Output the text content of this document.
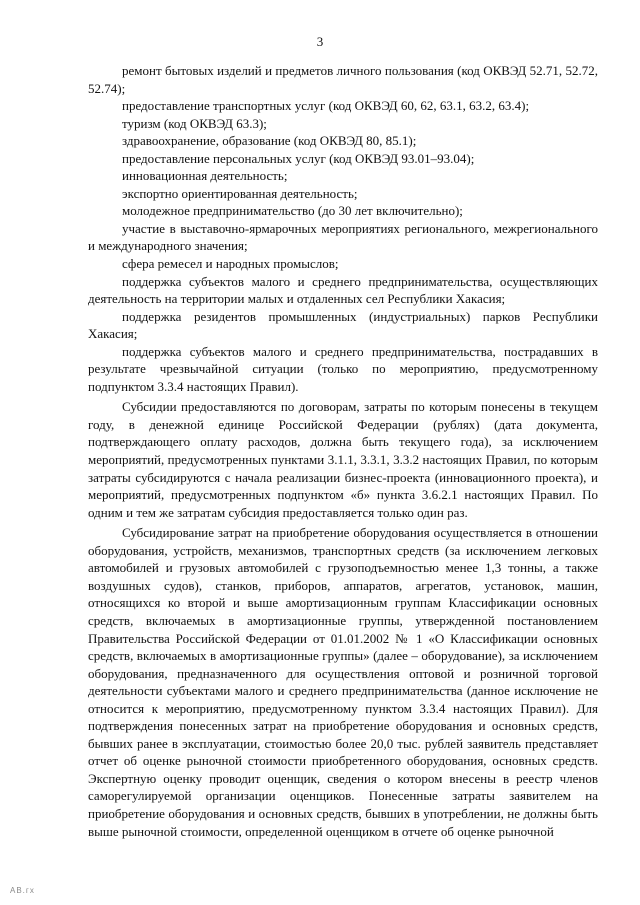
3

ремонт бытовых изделий и предметов личного пользования (код ОКВЭД 52.71, 52.72, 52.74);

предоставление транспортных услуг (код ОКВЭД 60, 62, 63.1, 63.2, 63.4);

туризм (код ОКВЭД 63.3);

здравоохранение, образование (код ОКВЭД 80, 85.1);

предоставление персональных услуг (код ОКВЭД 93.01–93.04);

инновационная деятельность;

экспортно ориентированная деятельность;

молодежное предпринимательство (до 30 лет включительно);

участие в выставочно-ярмарочных мероприятиях регионального, межрегионального и международного значения;

сфера ремесел и народных промыслов;

поддержка субъектов малого и среднего предпринимательства, осуществляющих деятельность на территории малых и отдаленных сел Республики Хакасия;

поддержка резидентов промышленных (индустриальных) парков Республики Хакасия;

поддержка субъектов малого и среднего предпринимательства, пострадавших в результате чрезвычайной ситуации (только по мероприятию, предусмотренному подпунктом 3.3.4 настоящих Правил).

Субсидии предоставляются по договорам, затраты по которым понесены в текущем году, в денежной единице Российской Федерации (рублях) (дата документа, подтверждающего оплату расходов, должна быть текущего года), за исключением мероприятий, предусмотренных пунктами 3.1.1, 3.3.1, 3.3.2 настоящих Правил, по которым затраты субсидируются с начала реализации бизнес-проекта (инновационного проекта), и мероприятий, предусмотренных подпунктом «б» пункта 3.6.2.1 настоящих Правил. По одним и тем же затратам субсидия предоставляется только один раз.

Субсидирование затрат на приобретение оборудования осуществляется в отношении оборудования, устройств, механизмов, транспортных средств (за исключением легковых автомобилей и грузовых автомобилей с грузоподъемностью менее 1,3 тонны, а также воздушных судов), станков, приборов, аппаратов, агрегатов, установок, машин, относящихся ко второй и выше амортизационным группам Классификации основных средств, включаемых в амортизационные группы, утвержденной постановлением Правительства Российской Федерации от 01.01.2002 № 1 «О Классификации основных средств, включаемых в амортизационные группы» (далее – оборудование), за исключением оборудования, предназначенного для осуществления оптовой и розничной торговой деятельности субъектами малого и среднего предпринимательства (данное исключение не относится к мероприятию, предусмотренному пунктом 3.3.4 настоящих Правил). Для подтверждения понесенных затрат на приобретение оборудования и основных средств, бывших ранее в эксплуатации, стоимостью более 20,0 тыс. рублей заявитель представляет отчет об оценке рыночной стоимости приобретенного оборудования, основных средств. Экспертную оценку проводит оценщик, сведения о котором внесены в реестр членов саморегулируемой организации оценщиков. Понесенные затраты заявителем на приобретение оборудования и основных средств, бывших в употреблении, не должны быть выше рыночной стоимости, определенной оценщиком в отчете об оценке рыночной

АВ.гх
